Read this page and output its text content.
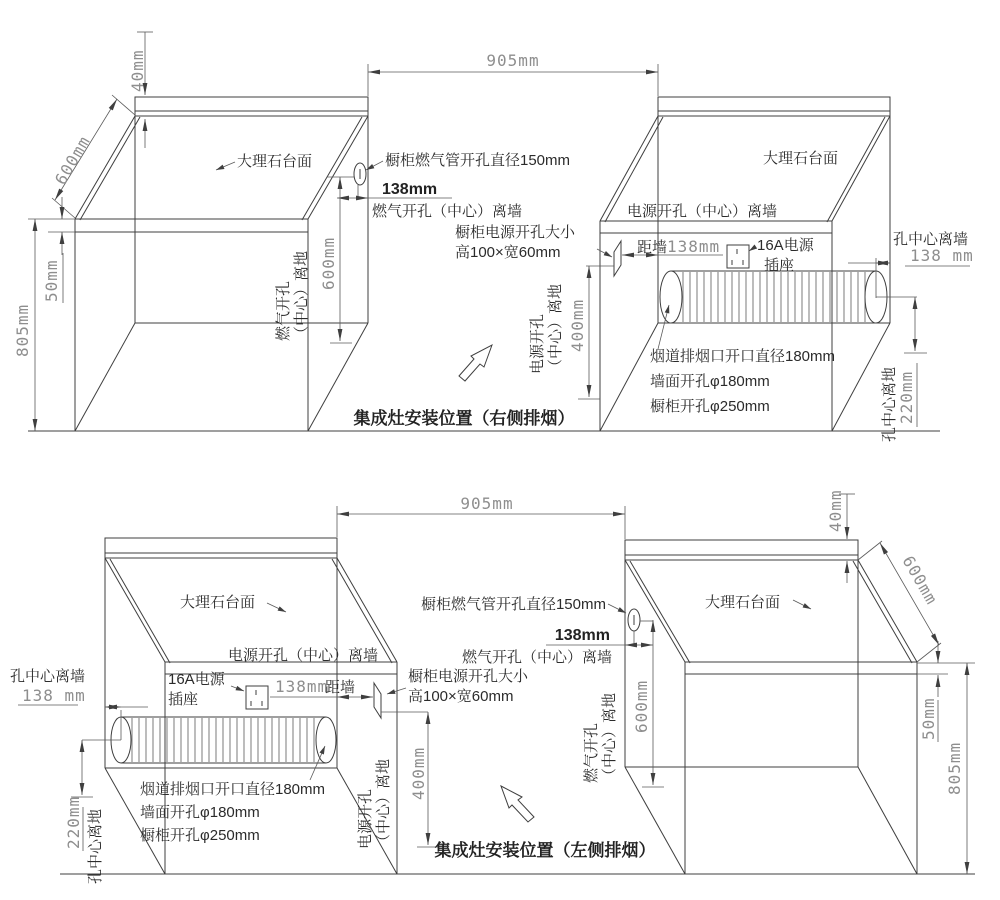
40mm	905mm
600mm
50mm
805mm
大理石台面	大理石台面
橱柜燃气管开孔直径150mm
138mm
燃气开孔（中心）离墙
橱柜电源开孔大小
高100×宽60mm
电源开孔（中心）离墙
距墙 138mm 16A电源
插座
烟道排烟口开口直径180mm
墙面开孔φ180mm
橱柜开孔φ250mm
孔中心离墙
138 mm
孔中心离地 220mm
燃气开孔 （中心）离地 600mm
电源开孔 （中心）离地 400mm
集成灶安装位置（右侧排烟）
905mm	40mm
600mm
50mm
805mm
大理石台面	大理石台面
橱柜燃气管开孔直径150mm
138mm
燃气开孔（中心）离墙
橱柜电源开孔大小
高100×宽60mm
电源开孔（中心）离墙
138mm
距墙
16A电源
插座
烟道排烟口开口直径180mm
墙面开孔φ180mm
橱柜开孔φ250mm
孔中心离墙
138 mm
孔中心离地
220mm
燃气开孔 （中心）离地 600mm
电源开孔 （中心）离地 400mm
集成灶安装位置（左侧排烟）
